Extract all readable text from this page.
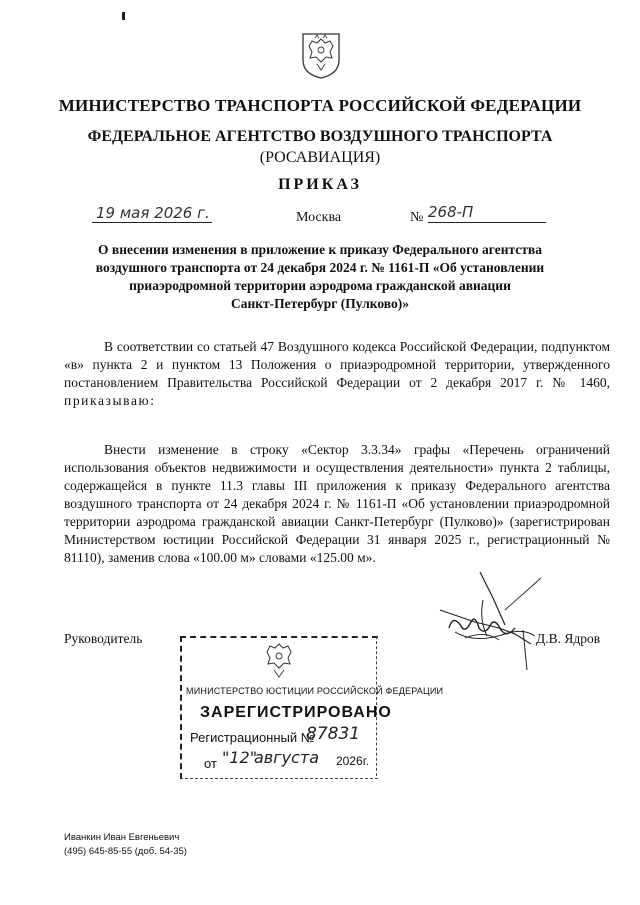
МИНИСТЕРСТВО ТРАНСПОРТА РОССИЙСКОЙ ФЕДЕРАЦИИ
ФЕДЕРАЛЬНОЕ АГЕНТСТВО ВОЗДУШНОГО ТРАНСПОРТА
(РОСАВИАЦИЯ)
ПРИКАЗ
19 мая 2026 г.	Москва	№ 268-П
О внесении изменения в приложение к приказу Федерального агентства
воздушного транспорта от 24 декабря 2024 г. № 1161-П «Об установлении
приаэродромной территории аэродрома гражданской авиации
Санкт-Петербург (Пулково)»
В соответствии со статьей 47 Воздушного кодекса Российской Федерации, подпунктом «в» пункта 2 и пунктом 13 Положения о приаэродромной территории, утвержденного постановлением Правительства Российской Федерации от 2 декабря 2017 г. № 1460, приказываю:
Внести изменение в строку «Сектор 3.3.34» графы «Перечень ограничений использования объектов недвижимости и осуществления деятельности» пункта 2 таблицы, содержащейся в пункте 11.3 главы III приложения к приказу Федерального агентства воздушного транспорта от 24 декабря 2024 г. № 1161-П «Об установлении приаэродромной территории аэродрома гражданской авиации Санкт-Петербург (Пулково)» (зарегистрирован Министерством юстиции Российской Федерации 31 января 2025 г., регистрационный № 81110), заменив слова «100.00 м» словами «125.00 м».
Руководитель	Д.В. Ядров
МИНИСТЕРСТВО ЮСТИЦИИ РОССИЙСКОЙ ФЕДЕРАЦИИ
ЗАРЕГИСТРИРОВАНО
Регистрационный №
87831
от "12"
августа 2026г.
Иванкин Иван Евгеньевич
(495) 645-85-55 (доб. 54-35)
